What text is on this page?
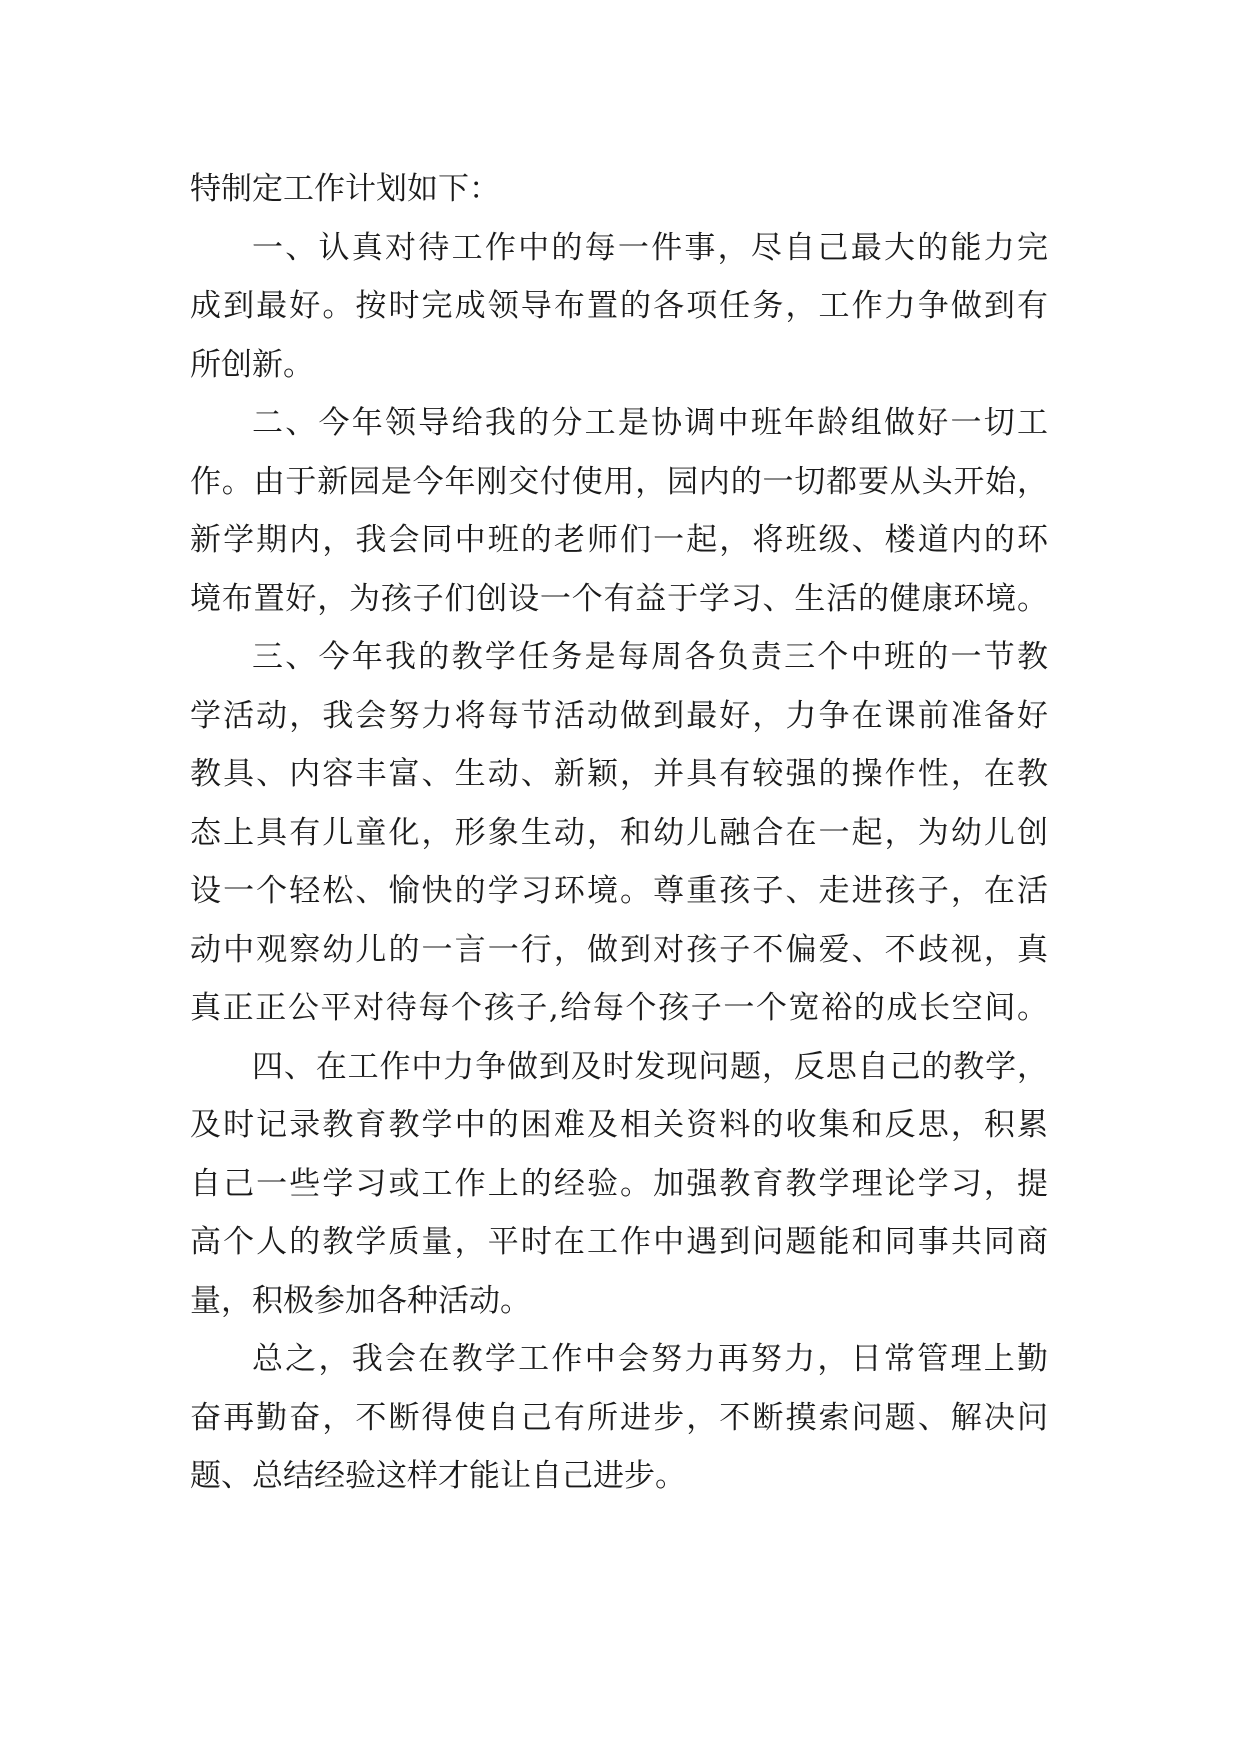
特制定工作计划如下：
一、认真对待工作中的每一件事，尽自己最大的能力完
成到最好。按时完成领导布置的各项任务，工作力争做到有
所创新。
二、今年领导给我的分工是协调中班年龄组做好一切工
作。由于新园是今年刚交付使用，园内的一切都要从头开始，
新学期内，我会同中班的老师们一起，将班级、楼道内的环
境布置好，为孩子们创设一个有益于学习、生活的健康环境。
三、今年我的教学任务是每周各负责三个中班的一节教
学活动，我会努力将每节活动做到最好，力争在课前准备好
教具、内容丰富、生动、新颖，并具有较强的操作性，在教
态上具有儿童化，形象生动，和幼儿融合在一起，为幼儿创
设一个轻松、愉快的学习环境。尊重孩子、走进孩子，在活
动中观察幼儿的一言一行，做到对孩子不偏爱、不歧视，真
真正正公平对待每个孩子,给每个孩子一个宽裕的成长空间。
四、在工作中力争做到及时发现问题，反思自己的教学，
及时记录教育教学中的困难及相关资料的收集和反思，积累
自己一些学习或工作上的经验。加强教育教学理论学习，提
高个人的教学质量，平时在工作中遇到问题能和同事共同商
量，积极参加各种活动。
总之，我会在教学工作中会努力再努力，日常管理上勤
奋再勤奋，不断得使自己有所进步，不断摸索问题、解决问
题、总结经验这样才能让自己进步。
